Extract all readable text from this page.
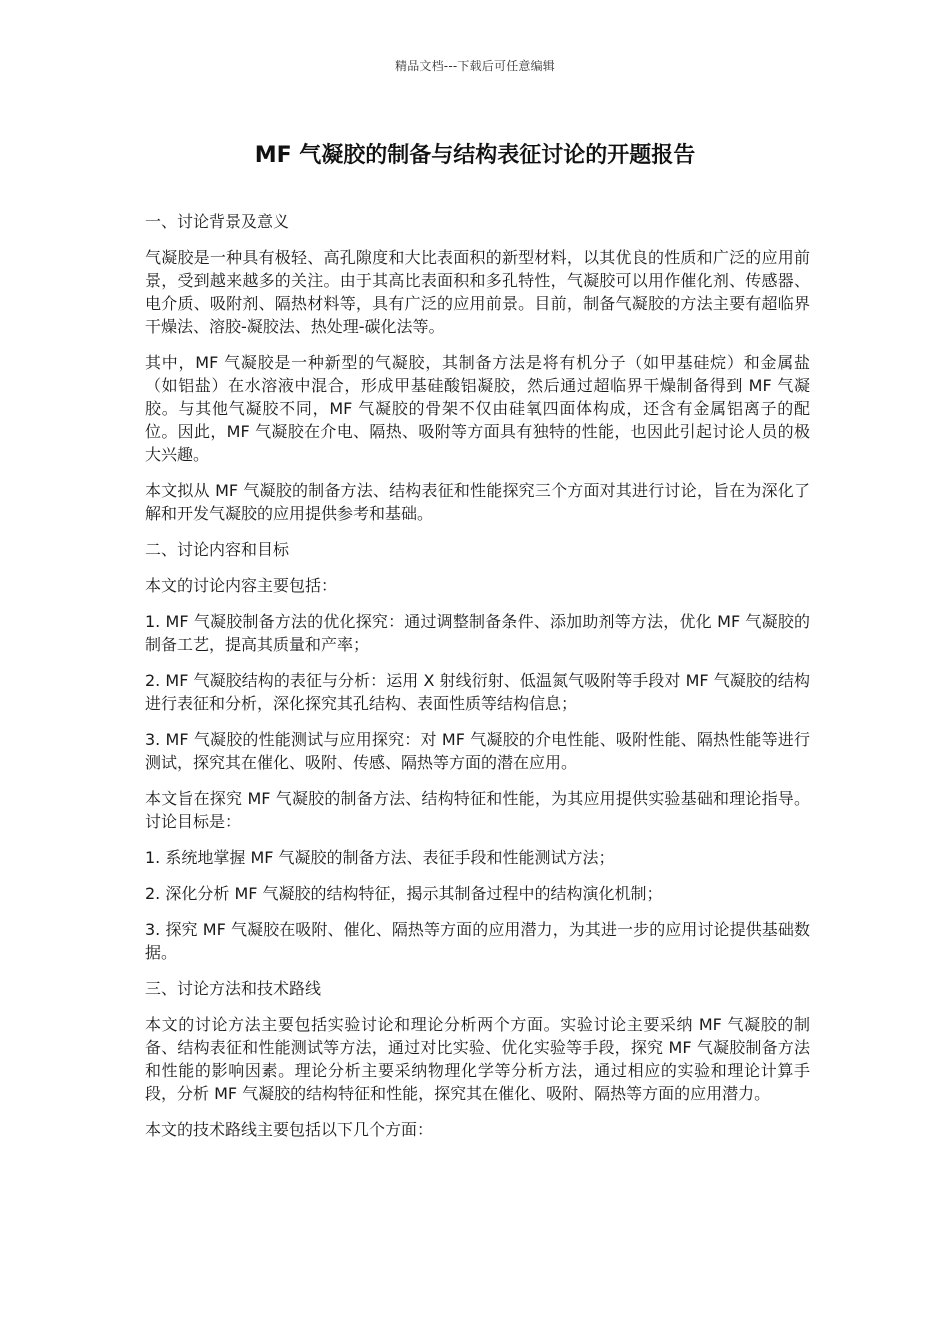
精品文档---下载后可任意编辑
MF 气凝胶的制备与结构表征讨论的开题报告

一、讨论背景及意义

气凝胶是一种具有极轻、高孔隙度和大比表面积的新型材料，以其优良的性质和广泛的应用前景，受到越来越多的关注。由于其高比表面积和多孔特性，气凝胶可以用作催化剂、传感器、电介质、吸附剂、隔热材料等，具有广泛的应用前景。目前，制备气凝胶的方法主要有超临界干燥法、溶胶-凝胶法、热处理-碳化法等。

其中，MF 气凝胶是一种新型的气凝胶，其制备方法是将有机分子（如甲基硅烷）和金属盐（如铝盐）在水溶液中混合，形成甲基硅酸铝凝胶，然后通过超临界干燥制备得到 MF 气凝胶。与其他气凝胶不同，MF 气凝胶的骨架不仅由硅氧四面体构成，还含有金属铝离子的配位。因此，MF 气凝胶在介电、隔热、吸附等方面具有独特的性能，也因此引起讨论人员的极大兴趣。

本文拟从 MF 气凝胶的制备方法、结构表征和性能探究三个方面对其进行讨论，旨在为深化了解和开发气凝胶的应用提供参考和基础。

二、讨论内容和目标

本文的讨论内容主要包括：

1. MF 气凝胶制备方法的优化探究：通过调整制备条件、添加助剂等方法，优化 MF 气凝胶的制备工艺，提高其质量和产率；

2. MF 气凝胶结构的表征与分析：运用 X 射线衍射、低温氮气吸附等手段对 MF 气凝胶的结构进行表征和分析，深化探究其孔结构、表面性质等结构信息；

3. MF 气凝胶的性能测试与应用探究：对 MF 气凝胶的介电性能、吸附性能、隔热性能等进行测试，探究其在催化、吸附、传感、隔热等方面的潜在应用。

本文旨在探究 MF 气凝胶的制备方法、结构特征和性能，为其应用提供实验基础和理论指导。讨论目标是：

1. 系统地掌握 MF 气凝胶的制备方法、表征手段和性能测试方法；

2. 深化分析 MF 气凝胶的结构特征，揭示其制备过程中的结构演化机制；

3. 探究 MF 气凝胶在吸附、催化、隔热等方面的应用潜力，为其进一步的应用讨论提供基础数据。

三、讨论方法和技术路线

本文的讨论方法主要包括实验讨论和理论分析两个方面。实验讨论主要采纳 MF 气凝胶的制备、结构表征和性能测试等方法，通过对比实验、优化实验等手段，探究 MF 气凝胶制备方法和性能的影响因素。理论分析主要采纳物理化学等分析方法，通过相应的实验和理论计算手段，分析 MF 气凝胶的结构特征和性能，探究其在催化、吸附、隔热等方面的应用潜力。

本文的技术路线主要包括以下几个方面：
